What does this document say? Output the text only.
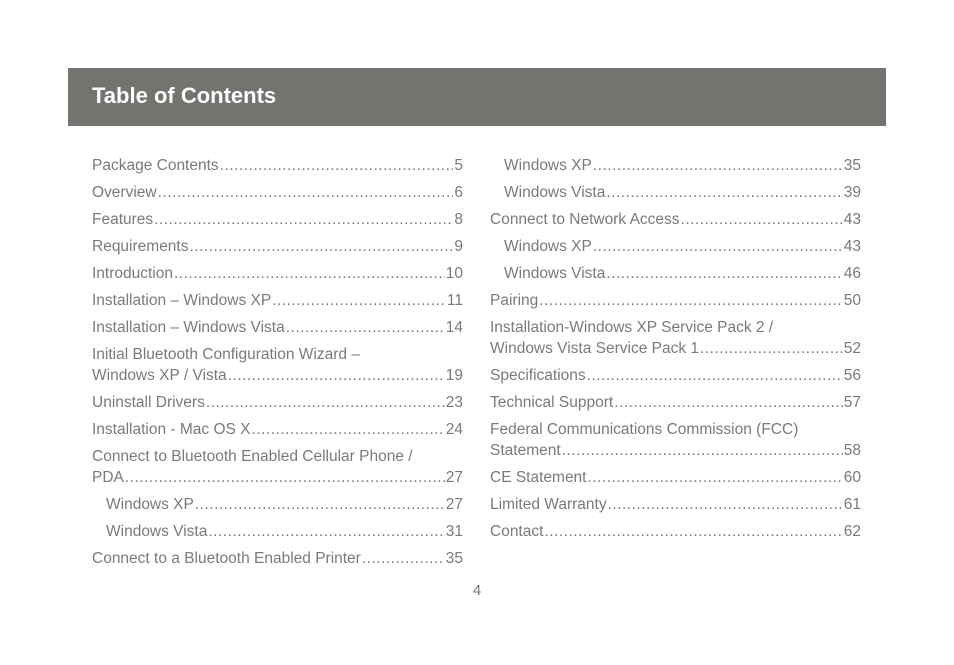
Table of Contents
Package Contents .....	5
Overview .....	6
Features .....	8
Requirements .....	9
Introduction .....	10
Installation – Windows XP .....	11
Installation – Windows Vista .....	14
Initial Bluetooth Configuration Wizard –
Windows XP / Vista .....	19
Uninstall Drivers .....	23
Installation - Mac OS X .....	24
Connect to Bluetooth Enabled Cellular Phone /
PDA .....	27
Windows XP .....	27
Windows Vista .....	31
Connect to a Bluetooth Enabled Printer .....	35
Windows XP .....	35
Windows Vista .....	39
Connect to Network Access .....	43
Windows XP .....	43
Windows Vista .....	46
Pairing .....	50
Installation-Windows XP Service Pack 2 /
Windows Vista Service Pack 1 .....	52
Specifications .....	56
Technical Support .....	57
Federal Communications Commission (FCC)
Statement .....	58
CE Statement .....	60
Limited Warranty .....	61
Contact .....	62
4
